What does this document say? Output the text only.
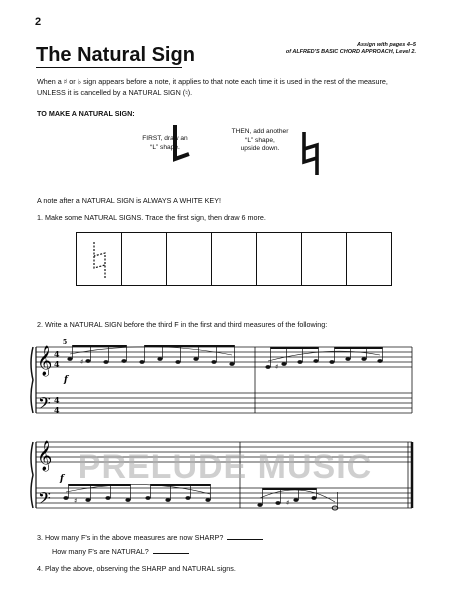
2
The Natural Sign	Assign with pages 4–5
of ALFRED'S BASIC CHORD APPROACH, Level 2.
When a ♯ or ♭ sign appears before a note, it applies to that note each time it is used in the rest of the measure, UNLESS it is cancelled by a NATURAL SIGN (♮).
TO MAKE A NATURAL SIGN:
FIRST, draw an
“L” shape.
THEN, add another
“L” shape,
upside down.
A note after a NATURAL SIGN is ALWAYS A WHITE KEY!
1. Make some NATURAL SIGNS. Trace the first sign, then draw 6 more.
2. Write a NATURAL SIGN before the third F in the first and third measures of the following:
𝄞
𝄢
4
4
4
4
5
f
♯
♯
𝄞
𝄢
f
♯	♯
PRELUDE MUSIC
3. How many F's in the above measures are now SHARP?
How many F's are NATURAL?
4. Play the above, observing the SHARP and NATURAL signs.
